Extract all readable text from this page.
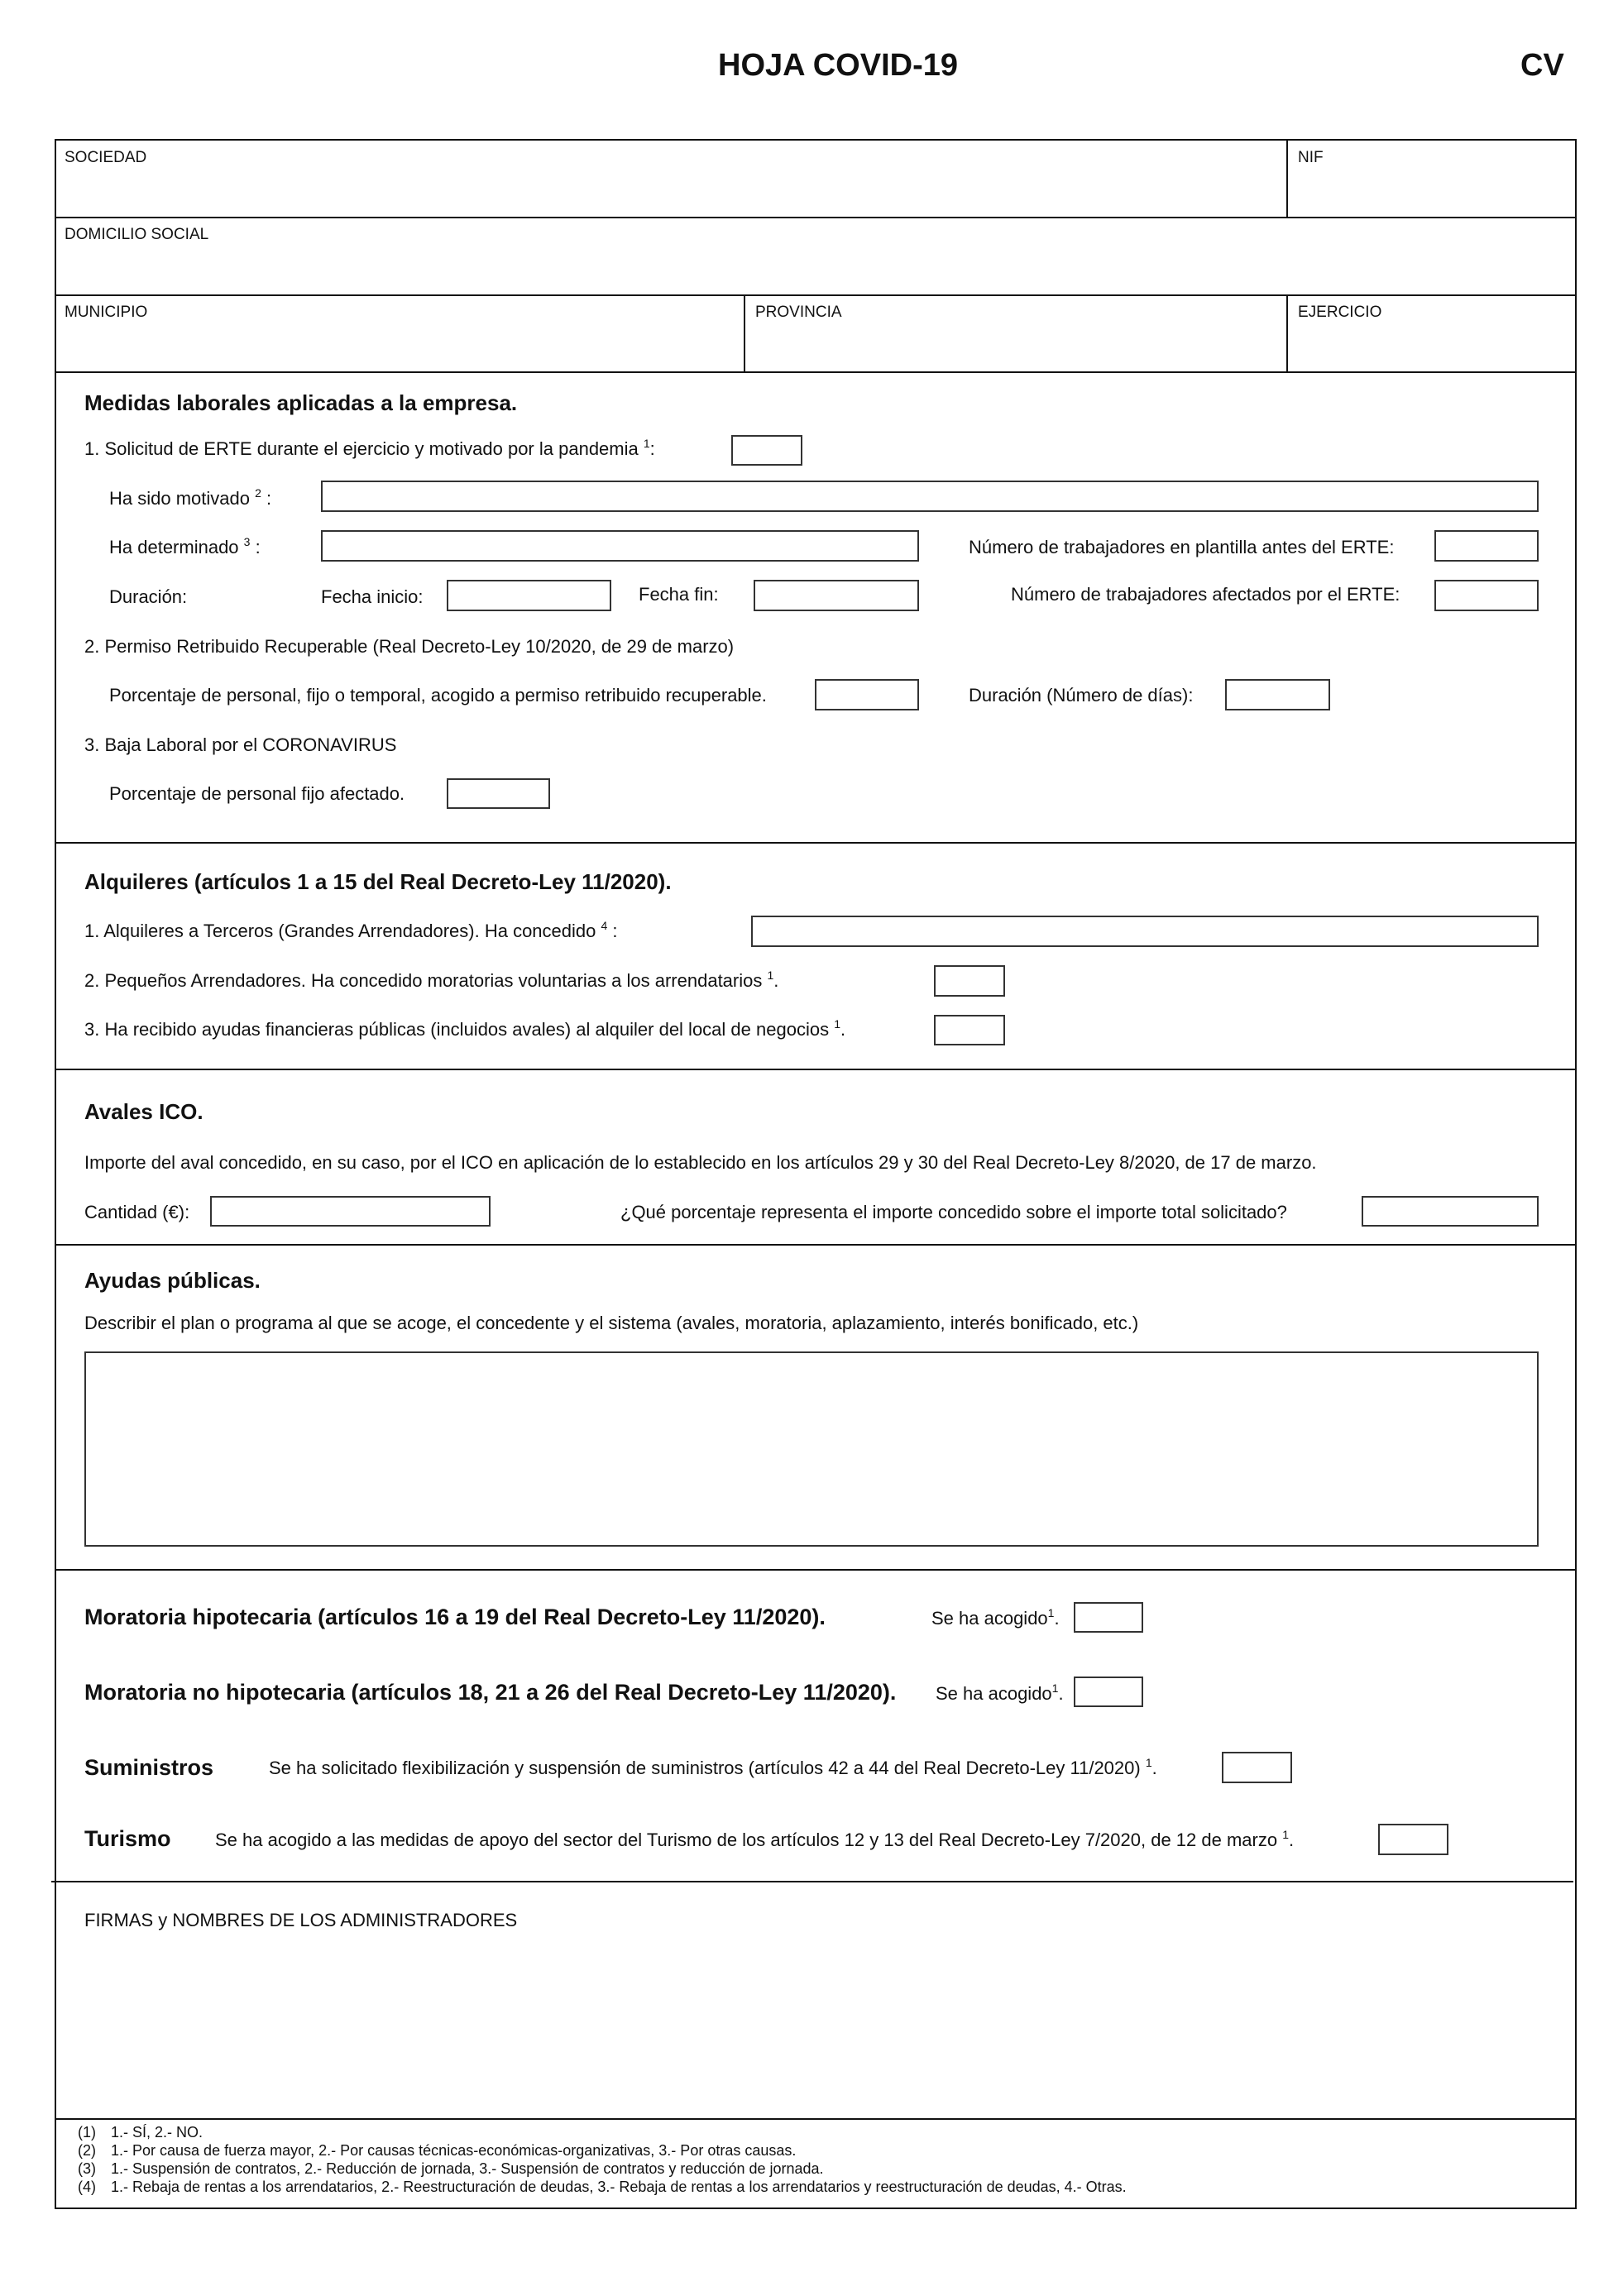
HOJA COVID-19	CV
SOCIEDAD	NIF
DOMICILIO SOCIAL
MUNICIPIO	PROVINCIA	EJERCICIO
Medidas laborales aplicadas a la empresa.
1. Solicitud de ERTE durante el ejercicio y motivado por la pandemia $^1$:
Ha sido motivado $^2$ :
Ha determinado $^3$ :	Número de trabajadores en plantilla antes del ERTE:
Duración:	Fecha inicio:	Fecha fin:	Número de trabajadores afectados por el ERTE:
2. Permiso Retribuido Recuperable (Real Decreto-Ley 10/2020, de 29 de marzo)
Porcentaje de personal, fijo o temporal, acogido a permiso retribuido recuperable.	Duración (Número de días):
3. Baja Laboral por el CORONAVIRUS
Porcentaje de personal fijo afectado.
Alquileres (artículos 1 a 15 del Real Decreto-Ley 11/2020).
1. Alquileres a Terceros (Grandes Arrendadores). Ha concedido $^4$ :
2. Pequeños Arrendadores. Ha concedido moratorias voluntarias a los arrendatarios $^1$.
3. Ha recibido ayudas financieras públicas (incluidos avales) al alquiler del local de negocios $^1$.
Avales ICO.
Importe del aval concedido, en su caso, por el ICO en aplicación de lo establecido en los artículos 29 y 30 del Real Decreto-Ley 8/2020, de 17 de marzo.
Cantidad (€):	¿Qué porcentaje representa el importe concedido sobre el importe total solicitado?
Ayudas públicas.
Describir el plan o programa al que se acoge, el concedente y el sistema (avales, moratoria, aplazamiento, interés bonificado, etc.)
Moratoria hipotecaria (artículos 16 a 19 del Real Decreto-Ley 11/2020).	Se ha acogido$^1$.
Moratoria no hipotecaria (artículos 18, 21 a 26 del Real Decreto-Ley 11/2020). Se ha acogido$^1$.
Suministros	Se ha solicitado flexibilización y suspensión de suministros (artículos 42 a 44 del Real Decreto-Ley 11/2020) $^1$.
Turismo Se ha acogido a las medidas de apoyo del sector del Turismo de los artículos 12 y 13 del Real Decreto-Ley 7/2020, de 12 de marzo $^1$.
FIRMAS y NOMBRES DE LOS ADMINISTRADORES
(1) 1.- SÍ, 2.- NO.
(2) 1.- Por causa de fuerza mayor, 2.- Por causas técnicas-económicas-organizativas, 3.- Por otras causas.
(3) 1.- Suspensión de contratos, 2.- Reducción de jornada, 3.- Suspensión de contratos y reducción de jornada.
(4) 1.- Rebaja de rentas a los arrendatarios, 2.- Reestructuración de deudas, 3.- Rebaja de rentas a los arrendatarios y reestructuración de deudas, 4.- Otras.
